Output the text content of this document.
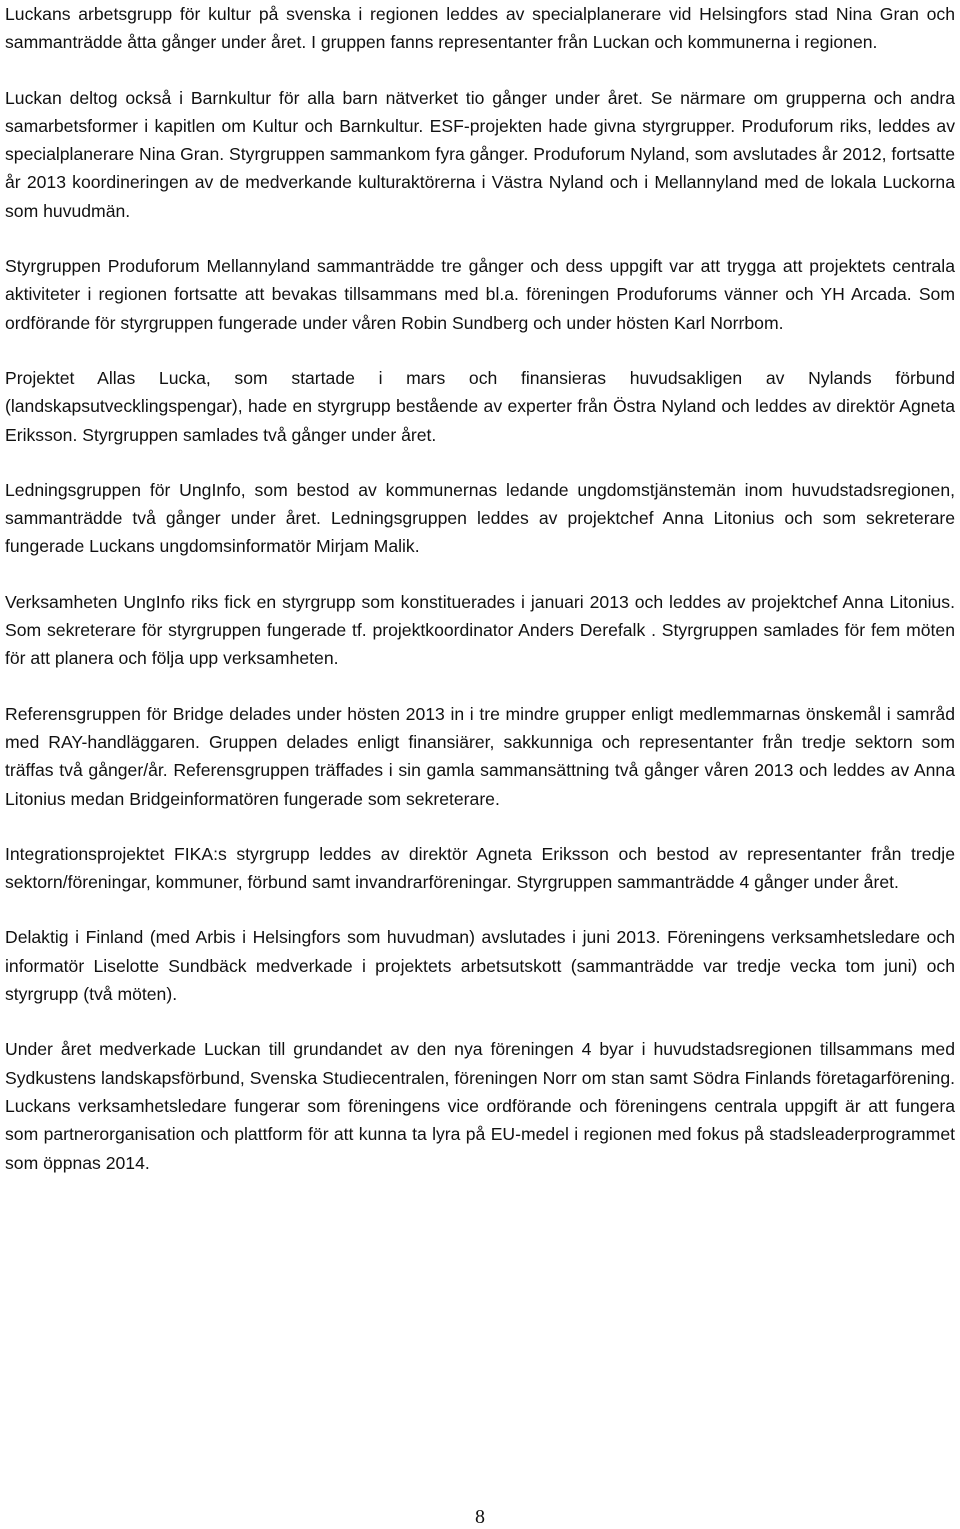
Luckans arbetsgrupp för kultur på svenska i regionen leddes av specialplanerare vid Helsingfors stad Nina Gran och sammanträdde åtta gånger under året. I gruppen fanns representanter från Luckan och kommunerna i regionen.

Luckan deltog också i Barnkultur för alla barn nätverket tio gånger under året. Se närmare om grupperna och andra samarbetsformer i kapitlen om Kultur och Barnkultur. ESF-projekten hade givna styrgrupper. Produforum riks, leddes av specialplanerare Nina Gran. Styrgruppen sammankom fyra gånger. Produforum Nyland, som avslutades år 2012, fortsatte år 2013 koordineringen av de medverkande kulturaktörerna i Västra Nyland och i Mellannyland med de lokala Luckorna som huvudmän.

Styrgruppen Produforum Mellannyland sammanträdde tre gånger och dess uppgift var att trygga att projektets centrala aktiviteter i regionen fortsatte att bevakas tillsammans med bl.a. föreningen Produforums vänner och YH Arcada. Som ordförande för styrgruppen fungerade under våren Robin Sundberg och under hösten Karl Norrbom.

Projektet Allas Lucka, som startade i mars och finansieras huvudsakligen av Nylands förbund (landskapsutvecklingspengar), hade en styrgrupp bestående av experter från Östra Nyland och leddes av direktör Agneta Eriksson. Styrgruppen samlades två gånger under året.

Ledningsgruppen för UngInfo, som bestod av kommunernas ledande ungdomstjänstemän inom huvudstadsregionen, sammanträdde två gånger under året. Ledningsgruppen leddes av projektchef Anna Litonius och som sekreterare fungerade Luckans ungdomsinformatör Mirjam Malik.

Verksamheten UngInfo riks fick en styrgrupp som konstituerades i januari 2013 och leddes av projektchef Anna Litonius. Som sekreterare för styrgruppen fungerade tf. projektkoordinator Anders Derefalk . Styrgruppen samlades för fem möten för att planera och följa upp verksamheten.

Referensgruppen för Bridge delades under hösten 2013 in i tre mindre grupper enligt medlemmarnas önskemål i samråd med RAY-handläggaren. Gruppen delades enligt finansiärer, sakkunniga och representanter från tredje sektorn som träffas två gånger/år. Referensgruppen träffades i sin gamla sammansättning två gånger våren 2013 och leddes av Anna Litonius medan Bridgeinformatören fungerade som sekreterare.

Integrationsprojektet FIKA:s styrgrupp leddes av direktör Agneta Eriksson och bestod av representanter från tredje sektorn/föreningar, kommuner, förbund samt invandrarföreningar. Styrgruppen sammanträdde 4 gånger under året.

Delaktig i Finland (med Arbis i Helsingfors som huvudman) avslutades i juni 2013. Föreningens verksamhetsledare och informatör Liselotte Sundbäck medverkade i projektets arbetsutskott (sammanträdde var tredje vecka tom juni) och styrgrupp (två möten).

Under året medverkade Luckan till grundandet av den nya föreningen 4 byar i huvudstadsregionen tillsammans med Sydkustens landskapsförbund, Svenska Studiecentralen, föreningen Norr om stan samt Södra Finlands företagarförening. Luckans verksamhetsledare fungerar som föreningens vice ordförande och föreningens centrala uppgift är att fungera som partnerorganisation och plattform för att kunna ta lyra på EU-medel i regionen med fokus på stadsleaderprogrammet som öppnas 2014.

8
